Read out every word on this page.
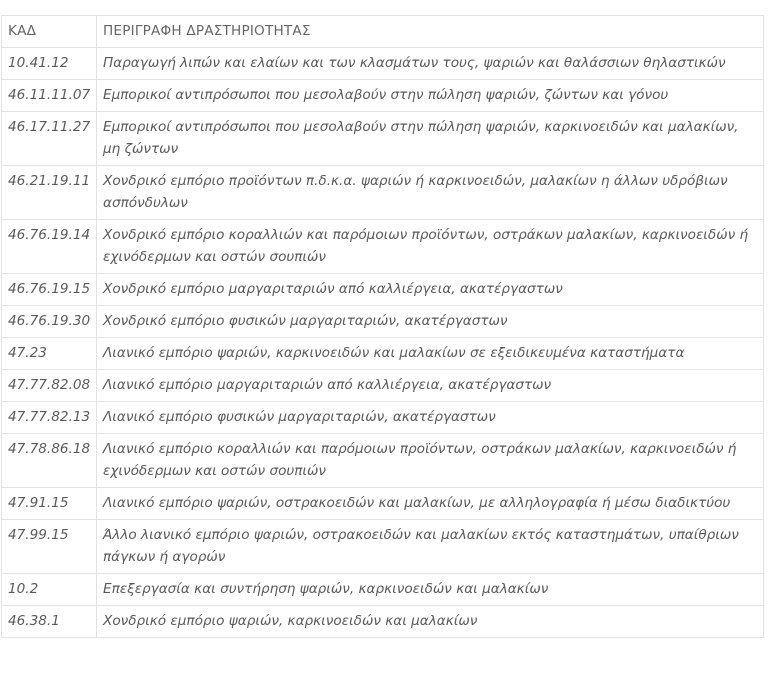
ΚΑΔ	ΠΕΡΙΓΡΑΦΗ ΔΡΑΣΤΗΡΙΟΤΗΤΑΣ
10.41.12	Παραγωγή λιπών και ελαίων και των κλασμάτων τους, ψαριών και θαλάσσιων θηλαστικών
46.11.11.07	Εμπορικοί αντιπρόσωποι που μεσολαβούν στην πώληση ψαριών, ζώντων και γόνου
46.17.11.27	Εμπορικοί αντιπρόσωποι που μεσολαβούν στην πώληση ψαριών, καρκινοειδών και μαλακίων, μη ζώντων
46.21.19.11	Χονδρικό εμπόριο προϊόντων π.δ.κ.α. ψαριών ή καρκινοειδών, μαλακίων η άλλων υδρόβιων ασπόνδυλων
46.76.19.14	Χονδρικό εμπόριο κοραλλιών και παρόμοιων προϊόντων, οστράκων μαλακίων, καρκινοειδών ή εχινόδερμων και οστών σουπιών
46.76.19.15	Χονδρικό εμπόριο μαργαριταριών από καλλιέργεια, ακατέργαστων
46.76.19.30	Χονδρικό εμπόριο φυσικών μαργαριταριών, ακατέργαστων
47.23	Λιανικό εμπόριο ψαριών, καρκινοειδών και μαλακίων σε εξειδικευμένα καταστήματα
47.77.82.08	Λιανικό εμπόριο μαργαριταριών από καλλιέργεια, ακατέργαστων
47.77.82.13	Λιανικό εμπόριο φυσικών μαργαριταριών, ακατέργαστων
47.78.86.18	Λιανικό εμπόριο κοραλλιών και παρόμοιων προϊόντων, οστράκων μαλακίων, καρκινοειδών ή εχινόδερμων και οστών σουπιών
47.91.15	Λιανικό εμπόριο ψαριών, οστρακοειδών και μαλακίων, με αλληλογραφία ή μέσω διαδικτύου
47.99.15	Άλλο λιανικό εμπόριο ψαριών, οστρακοειδών και μαλακίων εκτός καταστημάτων, υπαίθριων πάγκων ή αγορών
10.2	Επεξεργασία και συντήρηση ψαριών, καρκινοειδών και μαλακίων
46.38.1	Χονδρικό εμπόριο ψαριών, καρκινοειδών και μαλακίων
